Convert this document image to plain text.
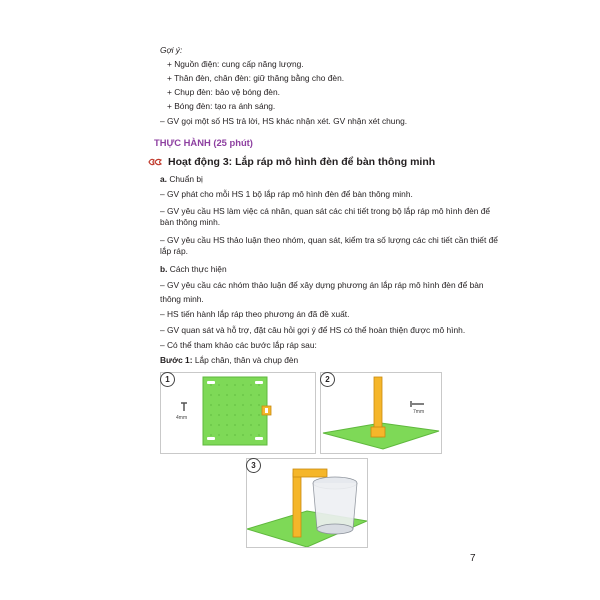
Gợi ý:
+ Nguồn điện: cung cấp năng lượng.
+ Thân đèn, chân đèn: giữ thăng bằng cho đèn.
+ Chụp đèn: bảo vệ bóng đèn.
+ Bóng đèn: tạo ra ánh sáng.
– GV gọi một số HS trả lời, HS khác nhận xét. GV nhận xét chung.
THỰC HÀNH (25 phút)
Hoạt động 3: Lắp ráp mô hình đèn để bàn thông minh
a. Chuẩn bị
– GV phát cho mỗi HS 1 bộ lắp ráp mô hình đèn để bàn thông minh.
– GV yêu cầu HS làm việc cá nhân, quan sát các chi tiết trong bộ lắp ráp mô hình đèn để bàn thông minh.
– GV yêu cầu HS thảo luận theo nhóm, quan sát, kiểm tra số lượng các chi tiết cần thiết để lắp ráp.
b. Cách thực hiện
– GV yêu cầu các nhóm thảo luận để xây dựng phương án lắp ráp mô hình đèn để bàn thông minh.
– HS tiến hành lắp ráp theo phương án đã đề xuất.
– GV quan sát và hỗ trợ, đặt câu hỏi gợi ý để HS có thể hoàn thiện được mô hình.
– Có thể tham khảo các bước lắp ráp sau:
Bước 1: Lắp chân, thân và chụp đèn
4mm
1
7mm
2
3
7
